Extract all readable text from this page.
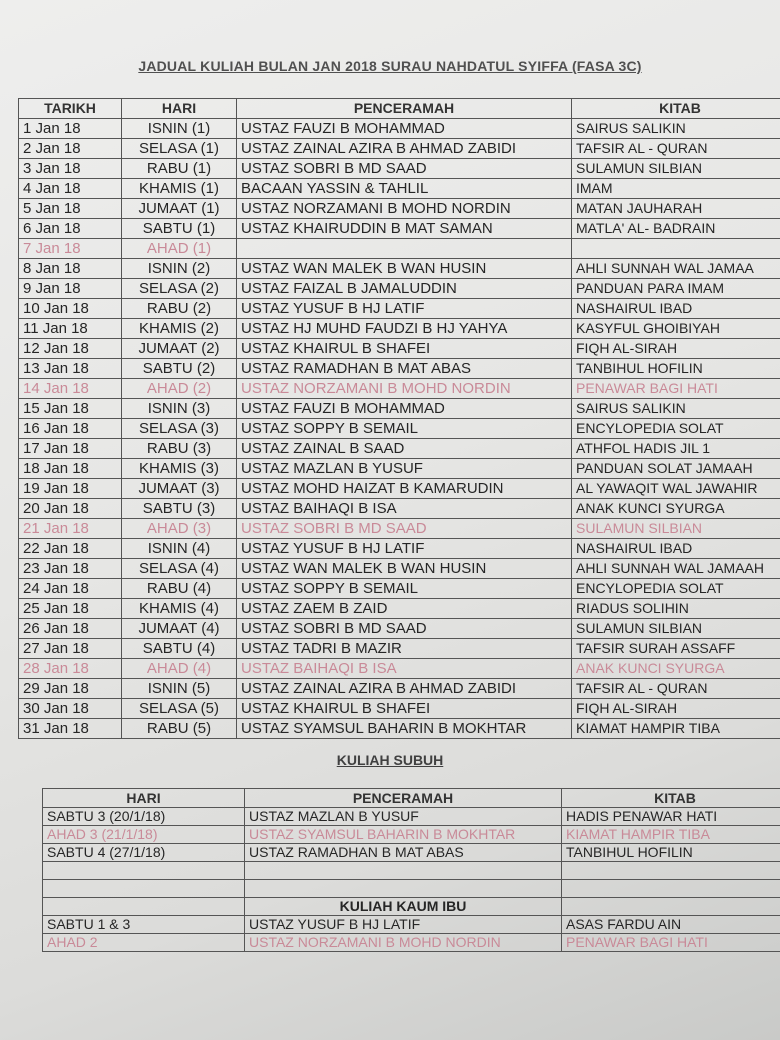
JADUAL KULIAH BULAN JAN 2018 SURAU NAHDATUL SYIFFA (FASA 3C)
TARIKH	HARI	PENCERAMAH	KITAB
1 Jan 18	ISNIN (1)	USTAZ FAUZI B MOHAMMAD	SAIRUS SALIKIN
2 Jan 18	SELASA (1)	USTAZ ZAINAL AZIRA B AHMAD ZABIDI	TAFSIR AL - QURAN
3 Jan 18	RABU (1)	USTAZ SOBRI B MD SAAD	SULAMUN SILBIAN
4 Jan 18	KHAMIS (1)	BACAAN YASSIN & TAHLIL	IMAM
5 Jan 18	JUMAAT (1)	USTAZ NORZAMANI B MOHD NORDIN	MATAN JAUHARAH
6 Jan 18	SABTU (1)	USTAZ KHAIRUDDIN B MAT SAMAN	MATLA' AL- BADRAIN
7 Jan 18	AHAD (1)		
8 Jan 18	ISNIN (2)	USTAZ WAN MALEK B WAN HUSIN	AHLI SUNNAH WAL JAMAA
9 Jan 18	SELASA (2)	USTAZ FAIZAL B JAMALUDDIN	PANDUAN PARA IMAM
10 Jan 18	RABU (2)	USTAZ YUSUF B HJ LATIF	NASHAIRUL IBAD
11 Jan 18	KHAMIS (2)	USTAZ HJ MUHD FAUDZI B HJ YAHYA	KASYFUL GHOIBIYAH
12 Jan 18	JUMAAT (2)	USTAZ KHAIRUL B SHAFEI	FIQH AL-SIRAH
13 Jan 18	SABTU (2)	USTAZ RAMADHAN B MAT ABAS	TANBIHUL HOFILIN
14 Jan 18	AHAD (2)	USTAZ NORZAMANI B MOHD NORDIN	PENAWAR BAGI HATI
15 Jan 18	ISNIN (3)	USTAZ FAUZI B MOHAMMAD	SAIRUS SALIKIN
16 Jan 18	SELASA (3)	USTAZ SOPPY B SEMAIL	ENCYLOPEDIA SOLAT
17 Jan 18	RABU (3)	USTAZ ZAINAL B SAAD	ATHFOL HADIS JIL 1
18 Jan 18	KHAMIS (3)	USTAZ MAZLAN B YUSUF	PANDUAN SOLAT JAMAAH
19 Jan 18	JUMAAT (3)	USTAZ MOHD HAIZAT B KAMARUDIN	AL YAWAQIT WAL JAWAHIR
20 Jan 18	SABTU (3)	USTAZ BAIHAQI B ISA	ANAK KUNCI SYURGA
21 Jan 18	AHAD (3)	USTAZ SOBRI B MD SAAD	SULAMUN SILBIAN
22 Jan 18	ISNIN (4)	USTAZ YUSUF B HJ LATIF	NASHAIRUL IBAD
23 Jan 18	SELASA (4)	USTAZ WAN MALEK B WAN HUSIN	AHLI SUNNAH WAL JAMAAH
24 Jan 18	RABU (4)	USTAZ SOPPY B SEMAIL	ENCYLOPEDIA SOLAT
25 Jan 18	KHAMIS (4)	USTAZ ZAEM B ZAID	RIADUS SOLIHIN
26 Jan 18	JUMAAT (4)	USTAZ SOBRI B MD SAAD	SULAMUN SILBIAN
27 Jan 18	SABTU (4)	USTAZ TADRI B MAZIR	TAFSIR SURAH ASSAFF
28 Jan 18	AHAD (4)	USTAZ BAIHAQI B ISA	ANAK KUNCI SYURGA
29 Jan 18	ISNIN (5)	USTAZ ZAINAL AZIRA B AHMAD ZABIDI	TAFSIR AL - QURAN
30 Jan 18	SELASA (5)	USTAZ KHAIRUL B SHAFEI	FIQH AL-SIRAH
31 Jan 18	RABU (5)	USTAZ SYAMSUL BAHARIN B MOKHTAR	KIAMAT HAMPIR TIBA
KULIAH SUBUH
HARI	PENCERAMAH	KITAB
SABTU 3 (20/1/18)	USTAZ MAZLAN B YUSUF	HADIS PENAWAR HATI
AHAD 3 (21/1/18)	USTAZ SYAMSUL BAHARIN B MOKHTAR	KIAMAT HAMPIR TIBA
SABTU 4 (27/1/18)	USTAZ RAMADHAN B MAT ABAS	TANBIHUL HOFILIN

	KULIAH KAUM IBU	
SABTU 1 & 3	USTAZ YUSUF B HJ LATIF	ASAS FARDU AIN
AHAD 2	USTAZ NORZAMANI B MOHD NORDIN	PENAWAR BAGI HATI
